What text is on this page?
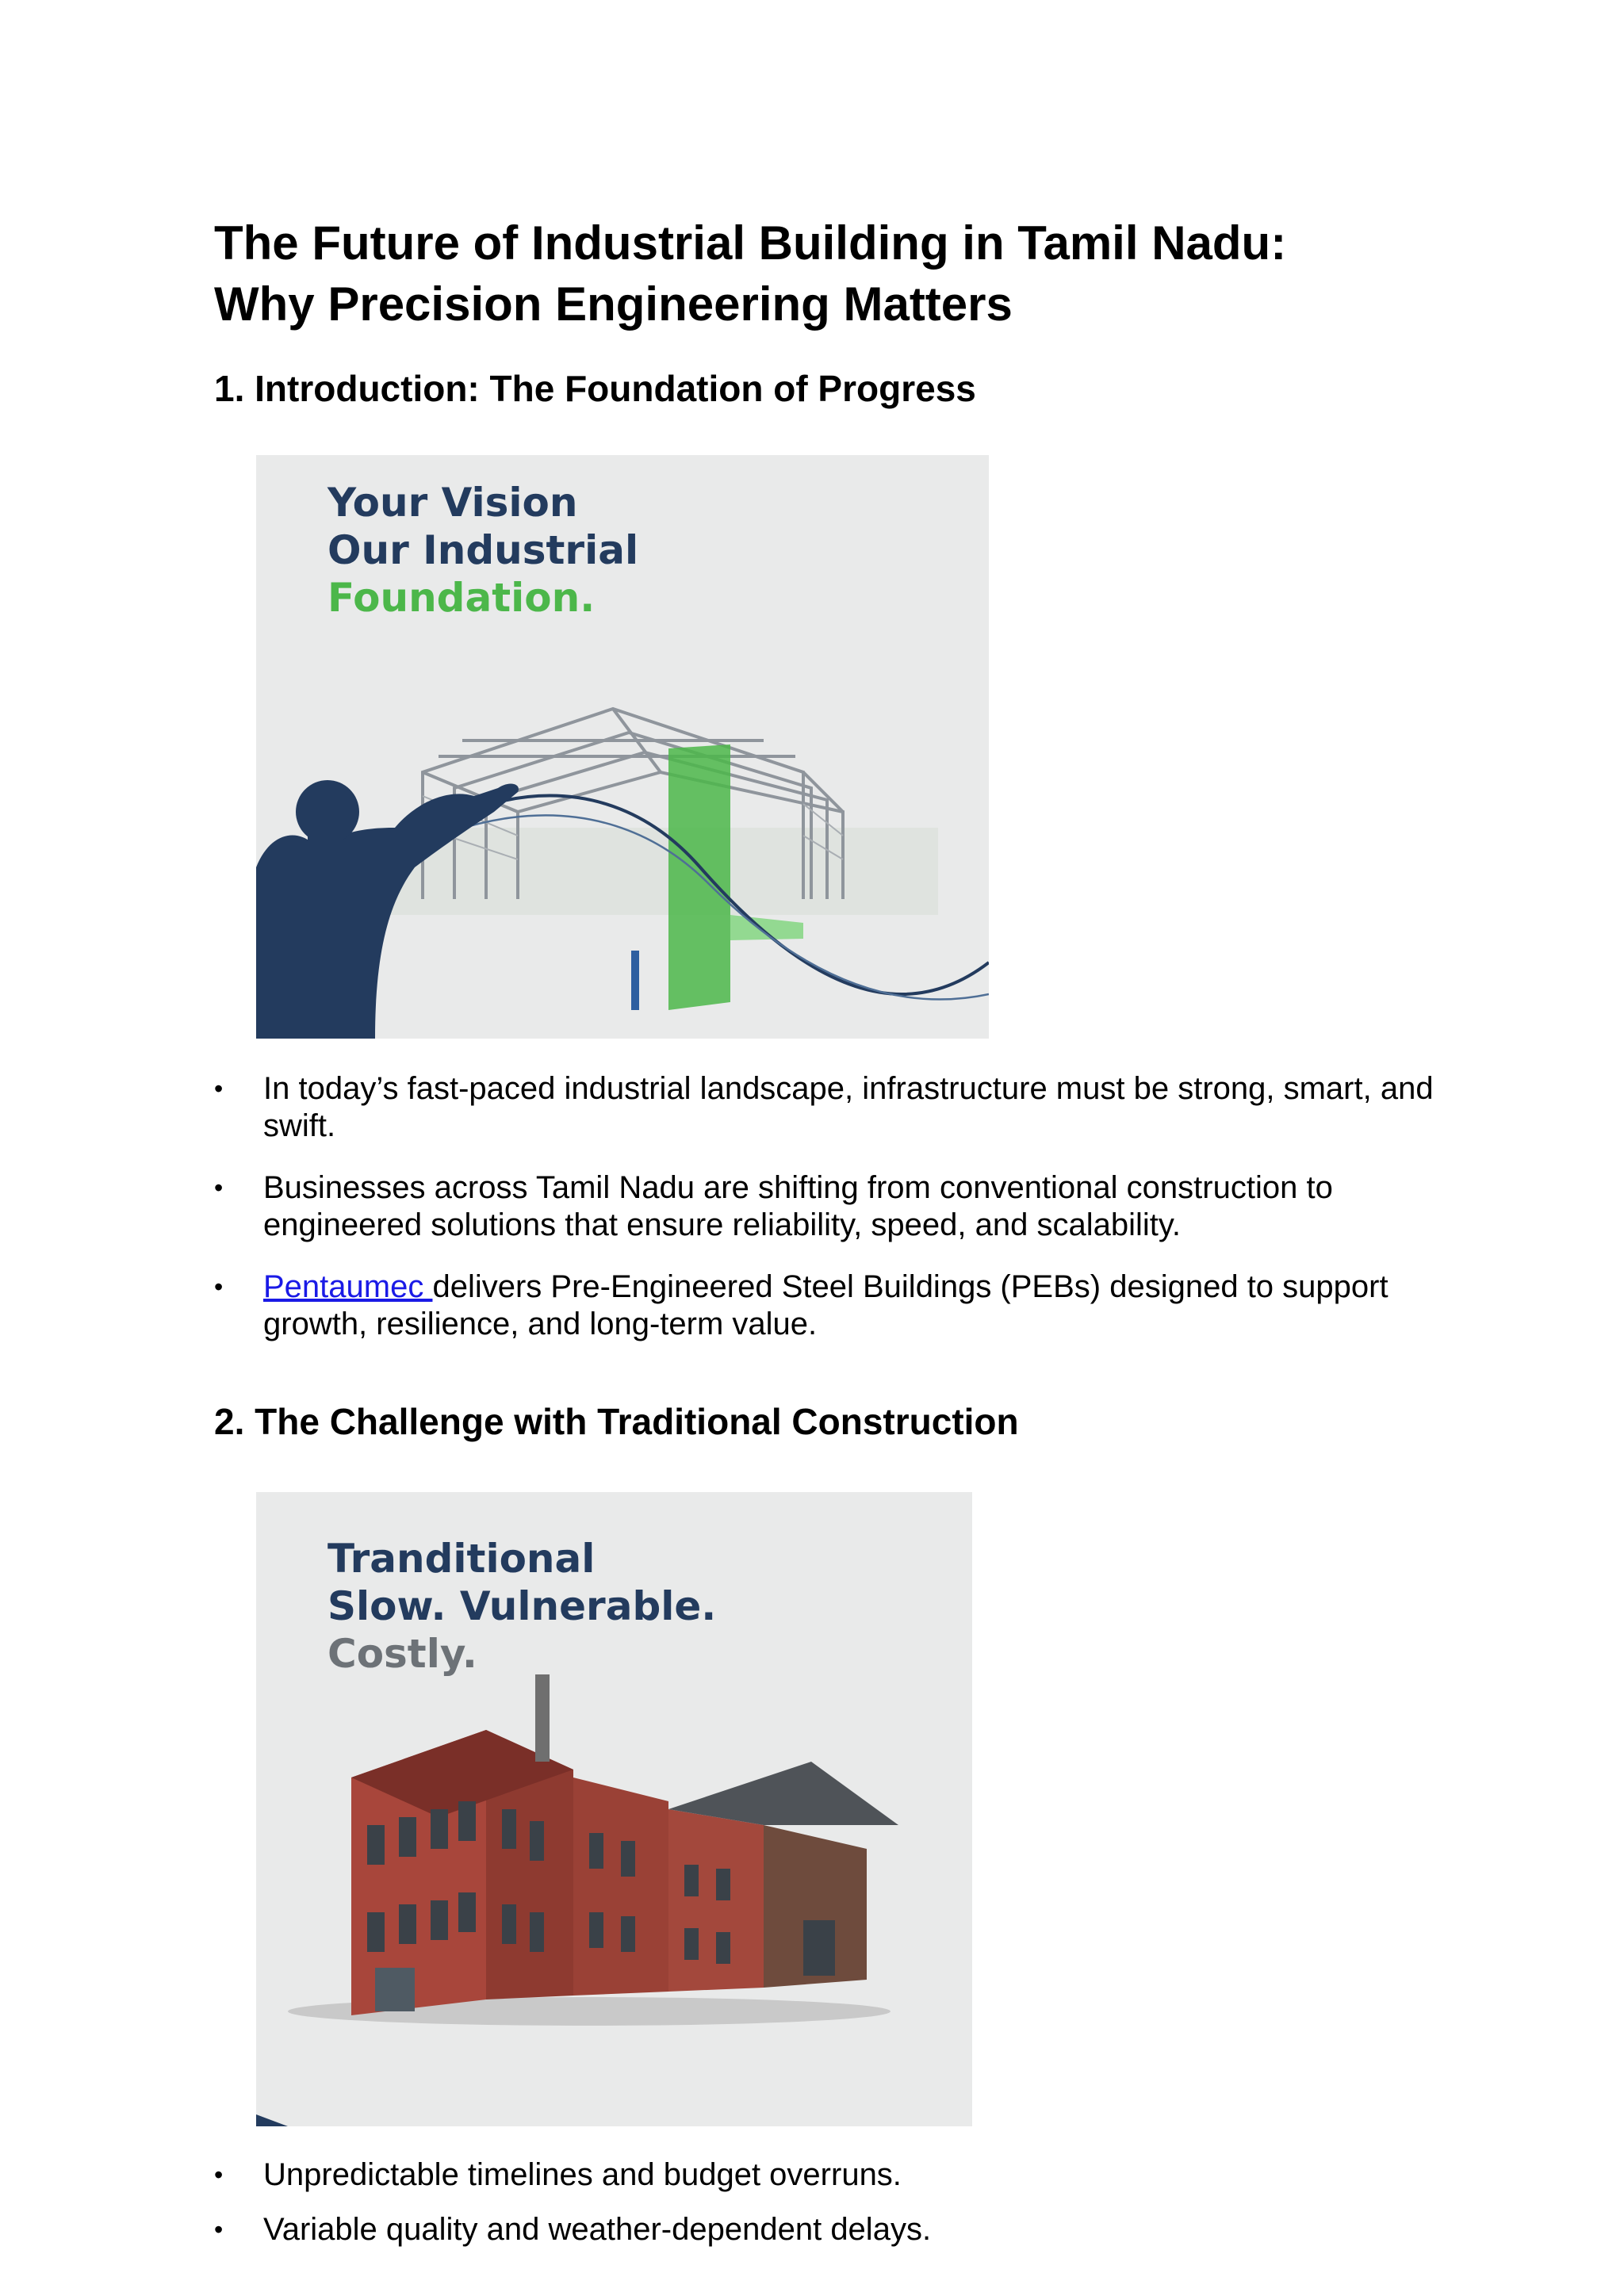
The Future of Industrial Building in Tamil Nadu:
Why Precision Engineering Matters
1. Introduction: The Foundation of Progress
Your Vision
Our Industrial
Foundation.
• In today’s fast-paced industrial landscape, infrastructure must be strong, smart, and swift.
• Businesses across Tamil Nadu are shifting from conventional construction to engineered solutions that ensure reliability, speed, and scalability.
• Pentaumec delivers Pre-Engineered Steel Buildings (PEBs) designed to support growth, resilience, and long-term value.
2. The Challenge with Traditional Construction
Tranditional
Slow. Vulnerable.
Costly.
• Unpredictable timelines and budget overruns.
• Variable quality and weather-dependent delays.
